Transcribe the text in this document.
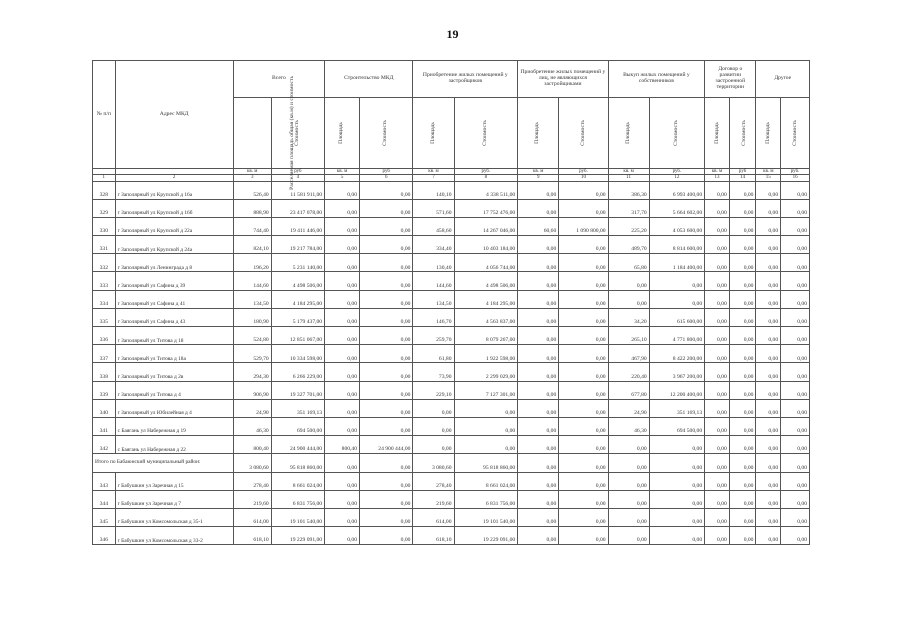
19
№ п/п	Адрес МКД	Всего		Строительство МКД		Приобретение жилых помещений у застройщиков		Приобретение жилых помещений у лиц, не являющихся застройщиками		Выкуп жилых помещений у собственников		Договор о развитии застроенной территории		Другое	
		Расселяемая площадь общая (кв.м) и стоимость	Стоимость	Площадь	Стоимость	Площадь	Стоимость	Площадь	Стоимость	Площадь	Стоимость	Площадь	Стоимость	Площадь	Стоимость
		кв. м	руб	кв. м	руб	кв. м	руб.	кв. м	руб.	кв. м	руб.	кв. м	руб	кв. м	руб.
1	2	3	4	5	6	7	8	9	10	11	12	13	14	15	16
328	г Заполярный ул Крупской д 16а	526,40	11 581 911,00	0,00	0,00	140,10	4 338 511,00	0,00	0,00	386,30	6 993 400,00	0,00	0,00	0,00	0,00
329	г Заполярный ул Крупской д 16б	888,90	23 417 078,00	0,00	0,00	571,60	17 752 476,00	0,00	0,00	317,70	5 664 602,00	0,00	0,00	0,00	0,00
330	г Заполярный ул Крупской д 22а	744,40	19 411 446,00	0,00	0,00	458,60	14 267 046,00	60,60	1 090 800,00	225,20	4 053 600,00	0,00	0,00	0,00	0,00
331	г Заполярный ул Крупской д 24а	824,10	19 217 784,00	0,00	0,00	334,40	10 403 184,00	0,00	0,00	489,70	8 814 600,00	0,00	0,00	0,00	0,00
332	г Заполярный ул Ленинграда д 8	196,20	5 231 140,00	0,00	0,00	130,40	4 056 744,00	0,00	0,00	65,80	1 184 400,00	0,00	0,00	0,00	0,00
333	г Заполярный ул Сафина д 39	144,60	4 498 506,00	0,00	0,00	144,60	4 498 506,00	0,00	0,00	0,00	0,00	0,00	0,00	0,00	0,00
334	г Заполярный ул Сафина д 41	134,50	4 184 295,00	0,00	0,00	134,50	4 184 295,00	0,00	0,00	0,00	0,00	0,00	0,00	0,00	0,00
335	г Заполярный ул Сафина д 43	180,90	5 179 437,00	0,00	0,00	146,70	4 563 837,00	0,00	0,00	34,20	615 600,00	0,00	0,00	0,00	0,00
336	г Заполярный ул Титова д 18	524,80	12 851 067,00	0,00	0,00	259,70	8 079 267,00	0,00	0,00	265,10	4 771 800,00	0,00	0,00	0,00	0,00
337	г Заполярный ул Титова д 18а	529,70	10 334 598,00	0,00	0,00	61,80	1 922 598,00	0,00	0,00	467,90	8 422 200,00	0,00	0,00	0,00	0,00
338	г Заполярный ул Титова д 2в	294,30	6 266 229,00	0,00	0,00	73,90	2 299 029,00	0,00	0,00	220,40	3 967 200,00	0,00	0,00	0,00	0,00
339	г Заполярный ул Титова д 4	906,90	19 327 701,00	0,00	0,00	229,10	7 127 301,00	0,00	0,00	677,80	12 200 400,00	0,00	0,00	0,00	0,00
340	г Заполярный ул Юбилейная д 4	24,90	351 169,13	0,00	0,00	0,00	0,00	0,00	0,00	24,90	351 169,13	0,00	0,00	0,00	0,00
341	с Баягань ул Набережная д 19	46,30	694 500,00	0,00	0,00	0,00	0,00	0,00	0,00	46,30	694 500,00	0,00	0,00	0,00	0,00
342	с Баягань ул Набережная д 22	800,40	24 900 444,00	800,40	24 900 444,00	0,00	0,00	0,00	0,00	0,00	0,00	0,00	0,00	0,00	0,00
Итого по Бабаюнский муниципальный район:		3 080,60	95 818 860,00	0,00	0,00	3 080,60	95 818 860,00	0,00	0,00	0,00	0,00	0,00	0,00	0,00	0,00
343	г Бабушкин ул Заречная д 15	278,40	8 661 024,00	0,00	0,00	278,40	8 661 024,00	0,00	0,00	0,00	0,00	0,00	0,00	0,00	0,00
344	г Бабушкин ул Заречная д 7	219,60	6 831 756,00	0,00	0,00	219,60	6 831 756,00	0,00	0,00	0,00	0,00	0,00	0,00	0,00	0,00
345	г Бабушкин ул Комсомольская д 35-1	614,00	19 101 540,00	0,00	0,00	614,00	19 101 540,00	0,00	0,00	0,00	0,00	0,00	0,00	0,00	0,00
346	г Бабушкин ул Комсомольская д 33-2	618,10	19 229 091,00	0,00	0,00	618,10	19 229 091,00	0,00	0,00	0,00	0,00	0,00	0,00	0,00	0,00
